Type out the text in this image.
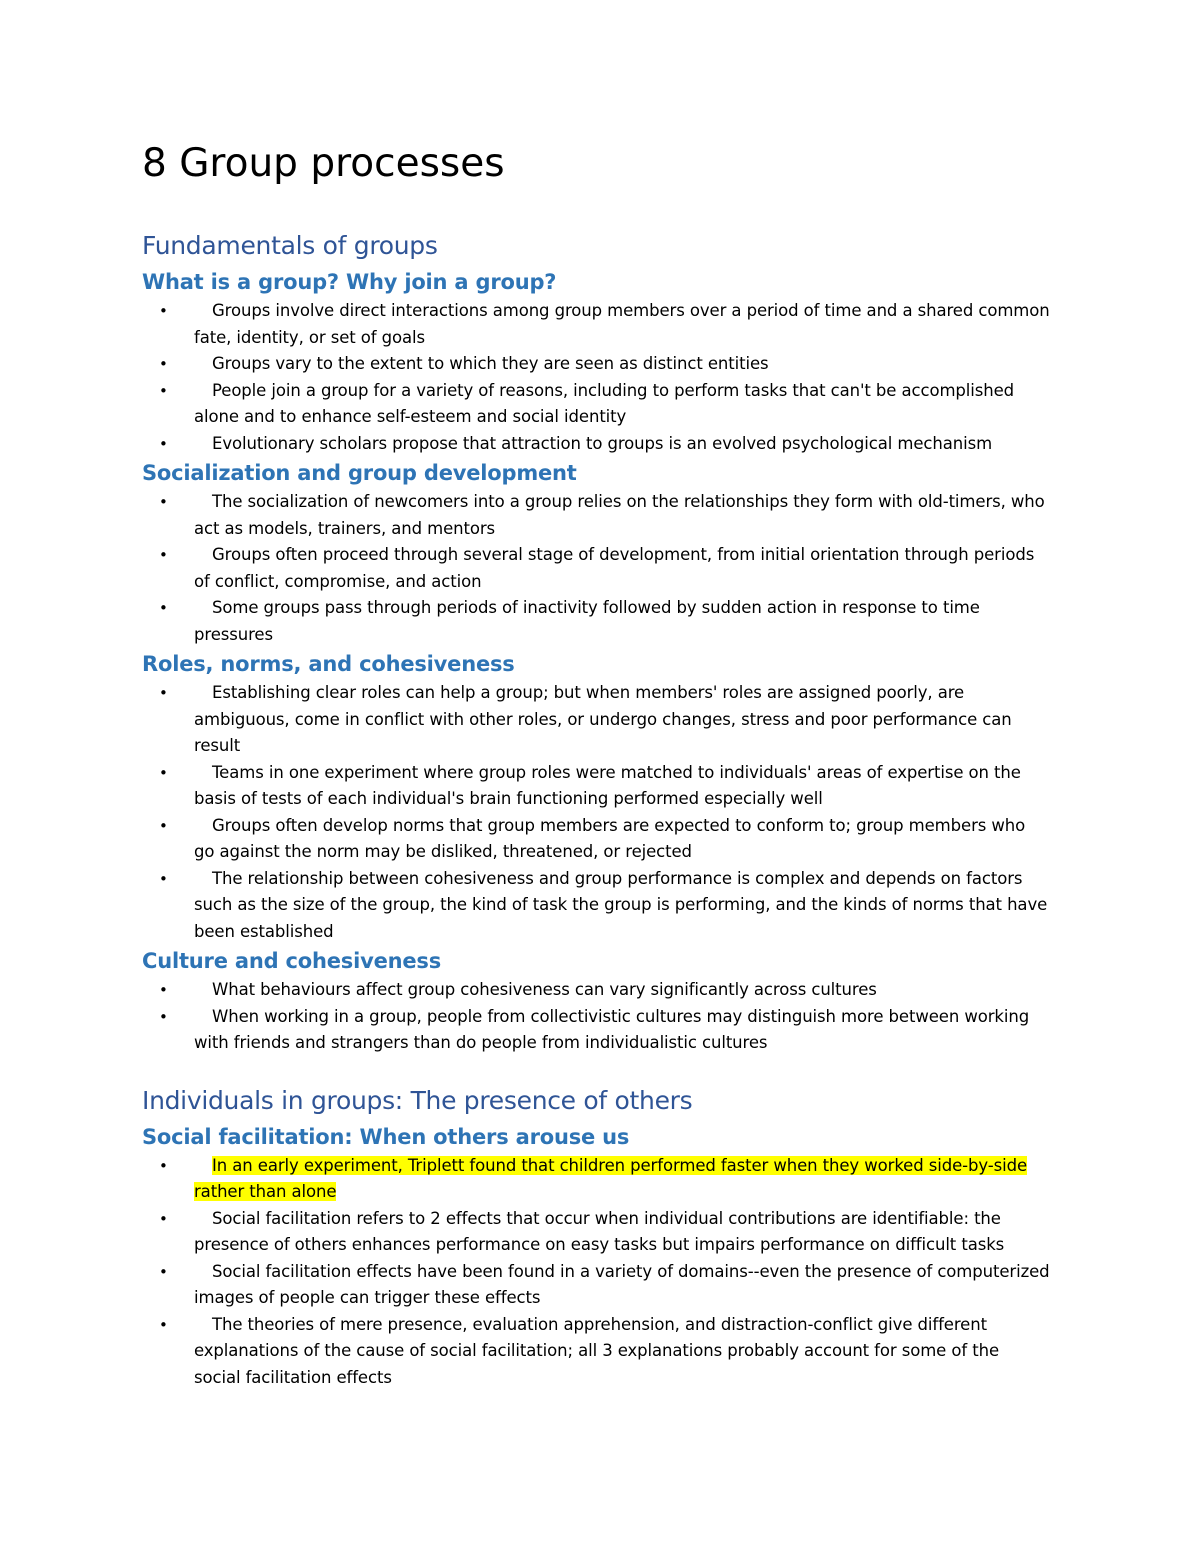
8 Group processes
Fundamentals of groups
What is a group? Why join a group?
•	Groups involve direct interactions among group members over a period of time and a shared common fate, identity, or set of goals
•	Groups vary to the extent to which they are seen as distinct entities
•	People join a group for a variety of reasons, including to perform tasks that can't be accomplished alone and to enhance self-esteem and social identity
•	Evolutionary scholars propose that attraction to groups is an evolved psychological mechanism
Socialization and group development
•	The socialization of newcomers into a group relies on the relationships they form with old-timers, who act as models, trainers, and mentors
•	Groups often proceed through several stage of development, from initial orientation through periods of conflict, compromise, and action
•	Some groups pass through periods of inactivity followed by sudden action in response to time pressures
Roles, norms, and cohesiveness
•	Establishing clear roles can help a group; but when members' roles are assigned poorly, are ambiguous, come in conflict with other roles, or undergo changes, stress and poor performance can result
•	Teams in one experiment where group roles were matched to individuals' areas of expertise on the basis of tests of each individual's brain functioning performed especially well
•	Groups often develop norms that group members are expected to conform to; group members who go against the norm may be disliked, threatened, or rejected
•	The relationship between cohesiveness and group performance is complex and depends on factors such as the size of the group, the kind of task the group is performing, and the kinds of norms that have been established
Culture and cohesiveness
•	What behaviours affect group cohesiveness can vary significantly across cultures
•	When working in a group, people from collectivistic cultures may distinguish more between working with friends and strangers than do people from individualistic cultures
Individuals in groups: The presence of others
Social facilitation: When others arouse us
•	In an early experiment, Triplett found that children performed faster when they worked side-by-side rather than alone
•	Social facilitation refers to 2 effects that occur when individual contributions are identifiable: the presence of others enhances performance on easy tasks but impairs performance on difficult tasks
•	Social facilitation effects have been found in a variety of domains--even the presence of computerized images of people can trigger these effects
•	The theories of mere presence, evaluation apprehension, and distraction-conflict give different explanations of the cause of social facilitation; all 3 explanations probably account for some of the social facilitation effects
